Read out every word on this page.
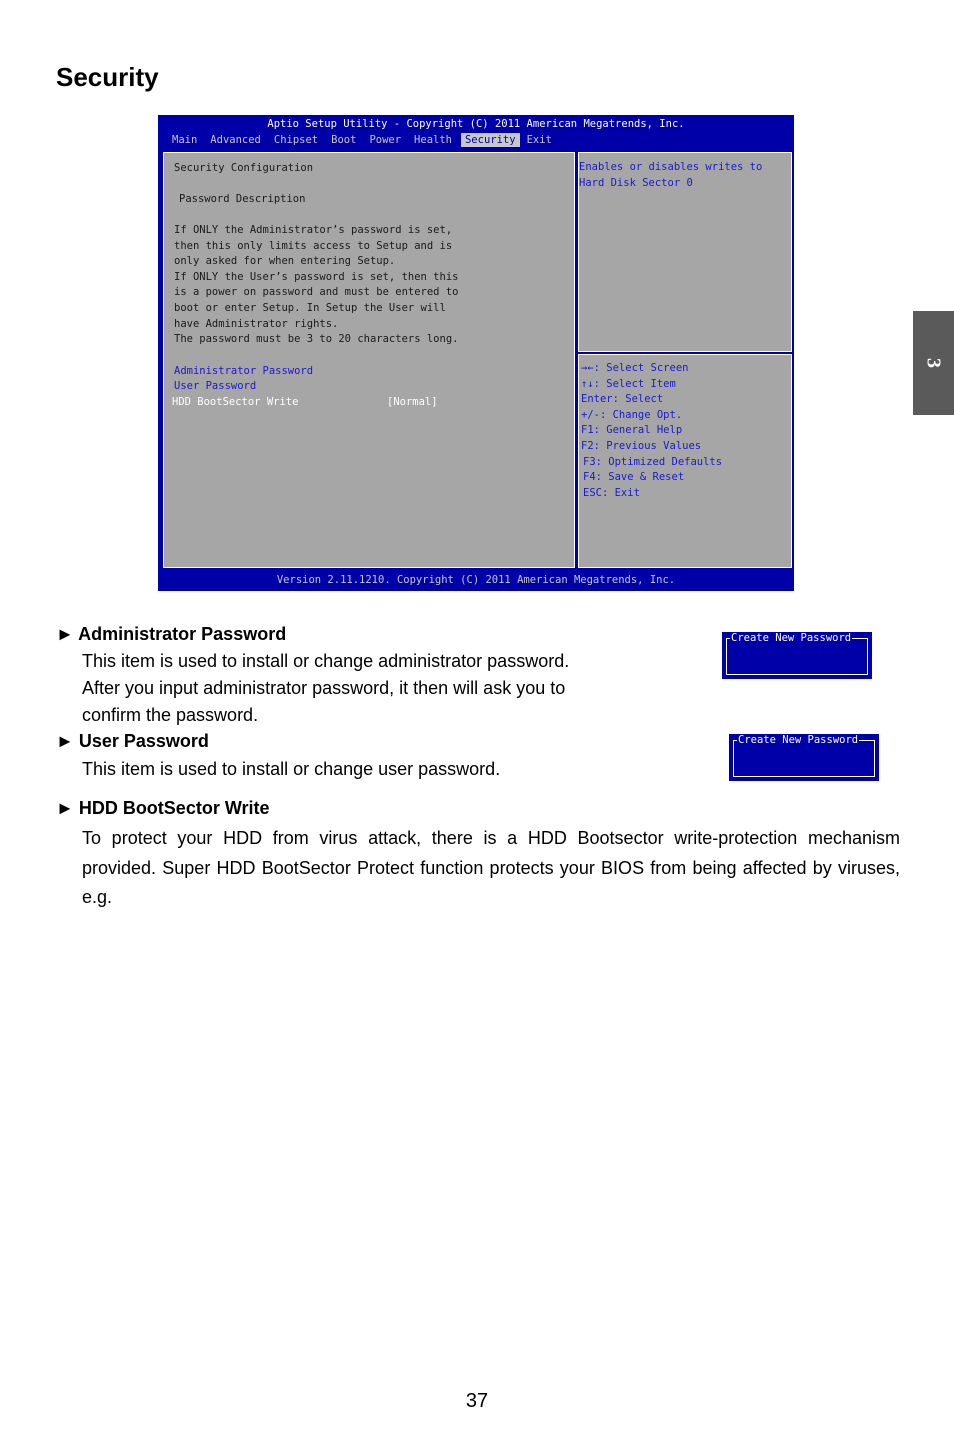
Security
3
Aptio Setup Utility - Copyright (C) 2011 American Megatrends, Inc.
Main	Advanced	Chipset	Boot	Power	Health	Security	Exit
Security Configuration
Password Description
If ONLY the Administrator’s password is set,
then this only limits access to Setup and is
only asked for when entering Setup.
If ONLY the User’s password is set, then this
is a power on password and must be entered to
boot or enter Setup. In Setup the User will
have Administrator rights.
The password must be 3 to 20 characters long.
Administrator Password
User Password
HDD BootSector Write	[Normal]
Enables or disables writes to
Hard Disk Sector 0
→←: Select Screen
↑↓: Select Item
Enter: Select
+/-: Change Opt.
F1: General Help
F2: Previous Values
F3: Optimized Defaults
F4: Save & Reset
ESC: Exit
Version 2.11.1210. Copyright (C) 2011 American Megatrends, Inc.
► Administrator Password
This item is used to install or change administrator password.
After you input administrator password, it then will ask you to
confirm the password.
Create New Password
► User Password
This item is used to install or change user password.
Create New Password
► HDD BootSector Write
To protect your HDD from virus attack, there is a HDD Bootsector write-protection mechanism provided. Super HDD BootSector Protect function protects your BIOS from being affected by viruses, e.g.
37
